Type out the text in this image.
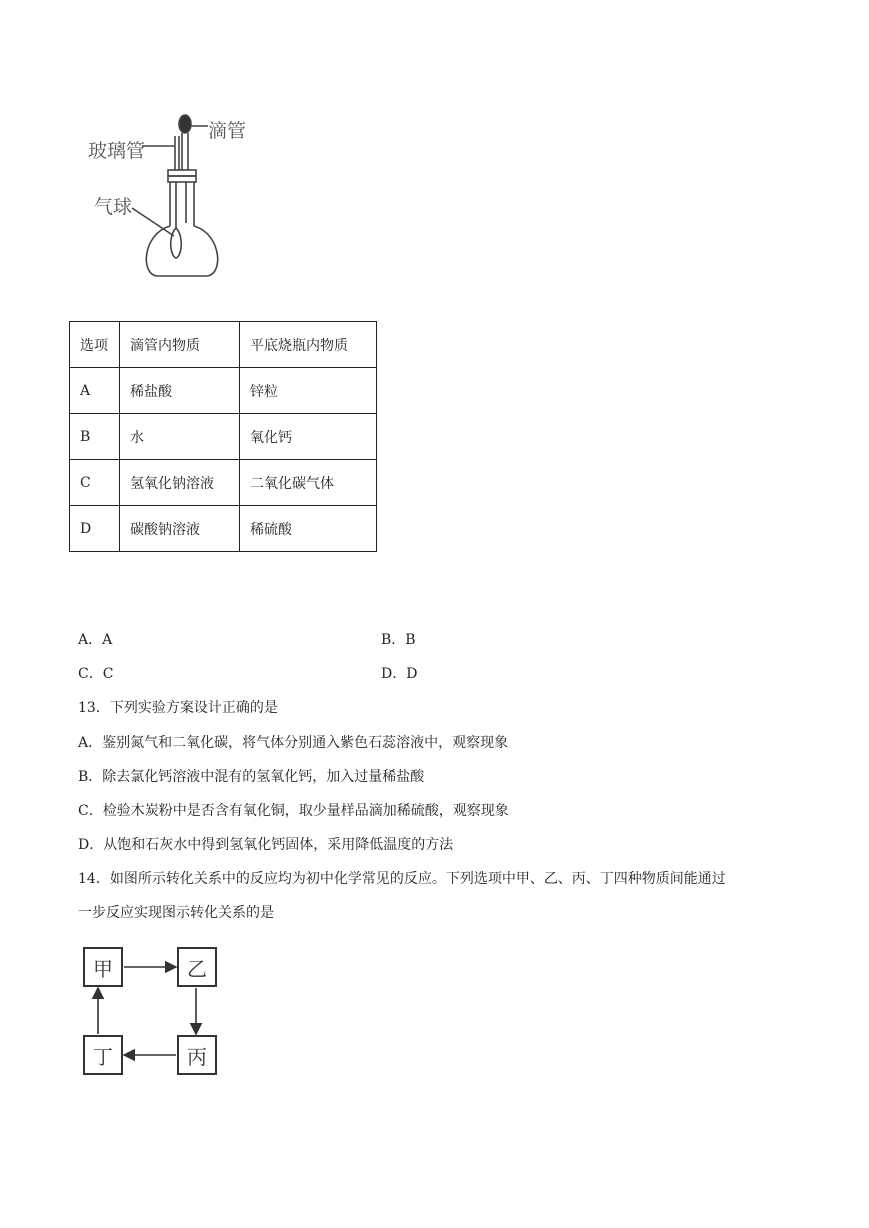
滴管
玻璃管
气球
选项	滴管内物质	平底烧瓶内物质
A	稀盐酸	锌粒
B	水	氧化钙
C	氢氧化钠溶液	二氧化碳气体
D	碳酸钠溶液	稀硫酸
A．A	B．B
C．C	D．D
13．下列实验方案设计正确的是
A．鉴别氮气和二氧化碳，将气体分别通入紫色石蕊溶液中，观察现象
B．除去氯化钙溶液中混有的氢氧化钙，加入过量稀盐酸
C．检验木炭粉中是否含有氧化铜，取少量样品滴加稀硫酸，观察现象
D．从饱和石灰水中得到氢氧化钙固体，采用降低温度的方法
14．如图所示转化关系中的反应均为初中化学常见的反应。下列选项中甲、乙、丙、丁四种物质间能通过
一步反应实现图示转化关系的是
甲	乙
丙
丁
